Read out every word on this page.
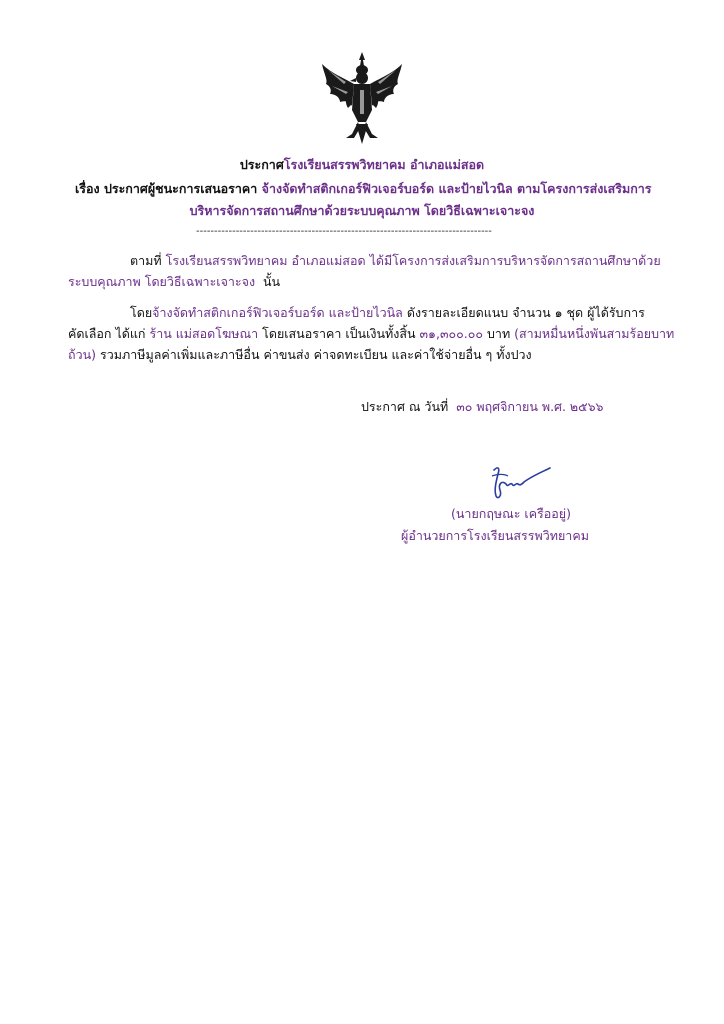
ประกาศโรงเรียนสรรพวิทยาคม อำเภอแม่สอด
เรื่อง ประกาศผู้ชนะการเสนอราคา จ้างจัดทำสติกเกอร์ฟิวเจอร์บอร์ด และป้ายไวนิล ตามโครงการส่งเสริมการ
บริหารจัดการสถานศึกษาด้วยระบบคุณภาพ โดยวิธีเฉพาะเจาะจง
----------------------------------------------------------------------------------
ตามที่ โรงเรียนสรรพวิทยาคม อำเภอแม่สอด ได้มีโครงการส่งเสริมการบริหารจัดการสถานศึกษาด้วย
ระบบคุณภาพ โดยวิธีเฉพาะเจาะจง นั้น
โดยจ้างจัดทำสติกเกอร์ฟิวเจอร์บอร์ด และป้ายไวนิล ดังรายละเอียดแนบ จำนวน ๑ ชุด ผู้ได้รับการ
คัดเลือก ได้แก่ ร้าน แม่สอดโฆษณา โดยเสนอราคา เป็นเงินทั้งสิ้น ๓๑,๓๐๐.๐๐ บาท (สามหมื่นหนึ่งพันสามร้อยบาท
ถ้วน) รวมภาษีมูลค่าเพิ่มและภาษีอื่น ค่าขนส่ง ค่าจดทะเบียน และค่าใช้จ่ายอื่น ๆ ทั้งปวง
ประกาศ ณ วันที่ ๓๐ พฤศจิกายน พ.ศ. ๒๕๖๖
(นายกฤษณะ เครืออยู่)
ผู้อำนวยการโรงเรียนสรรพวิทยาคม
